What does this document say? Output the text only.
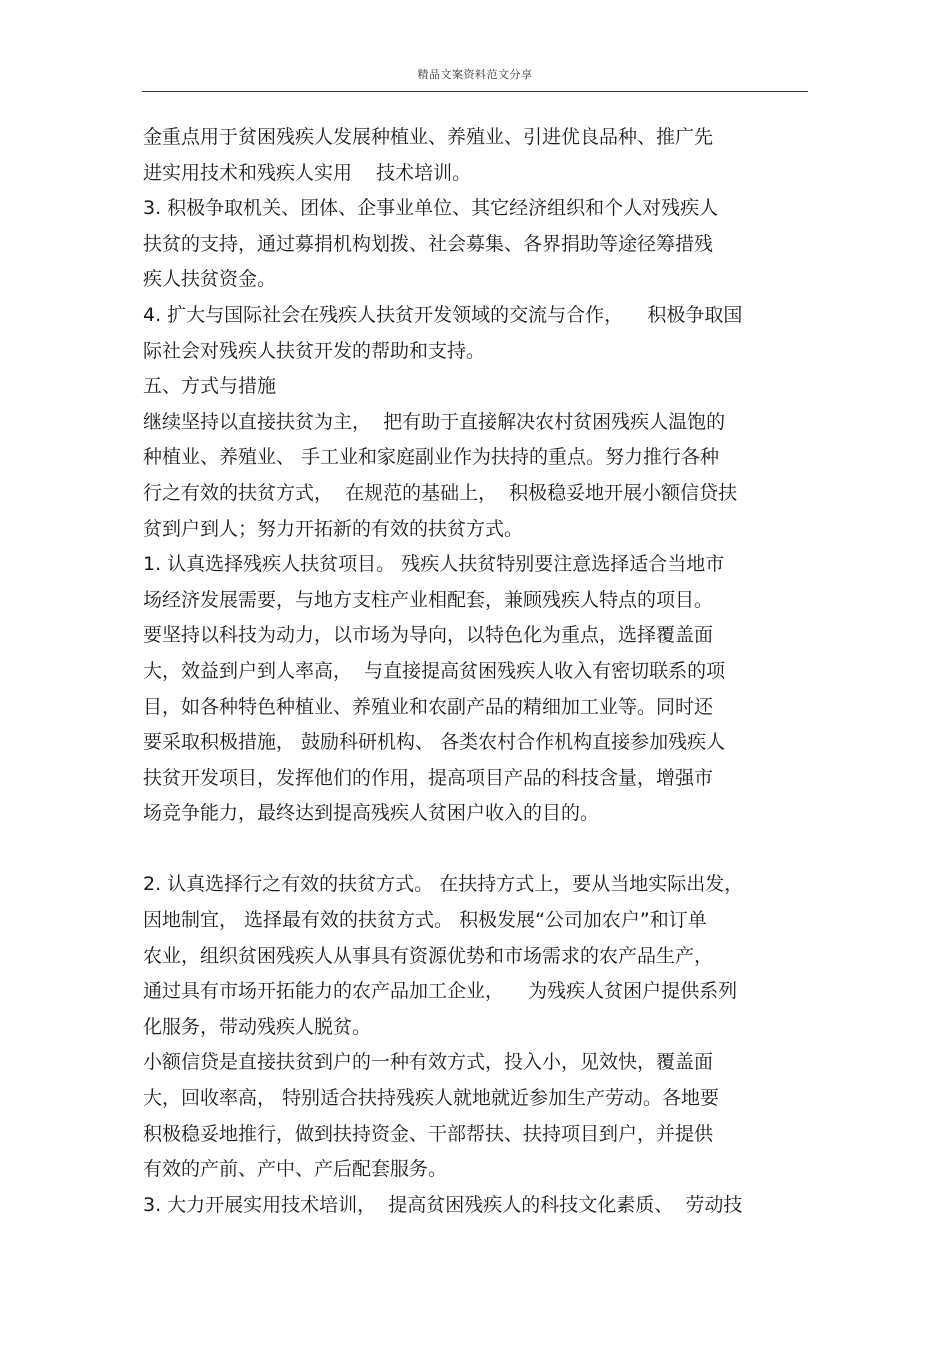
精品文案资料范文分享
金重点用于贫困残疾人发展种植业、养殖业、引进优良品种、推广先
进实用技术和残疾人实用    技术培训。
3. 积极争取机关、团体、企事业单位、其它经济组织和个人对残疾人
扶贫的支持，通过募捐机构划拨、社会募集、各界捐助等途径筹措残
疾人扶贫资金。
4. 扩大与国际社会在残疾人扶贫开发领域的交流与合作，    积极争取国
际社会对残疾人扶贫开发的帮助和支持。
五、方式与措施
继续坚持以直接扶贫为主，  把有助于直接解决农村贫困残疾人温饱的
种植业、养殖业、 手工业和家庭副业作为扶持的重点。努力推行各种
行之有效的扶贫方式，  在规范的基础上，  积极稳妥地开展小额信贷扶
贫到户到人；努力开拓新的有效的扶贫方式。
1. 认真选择残疾人扶贫项目。 残疾人扶贫特别要注意选择适合当地市
场经济发展需要，与地方支柱产业相配套，兼顾残疾人特点的项目。
要坚持以科技为动力，以市场为导向，以特色化为重点，选择覆盖面
大，效益到户到人率高，  与直接提高贫困残疾人收入有密切联系的项
目，如各种特色种植业、养殖业和农副产品的精细加工业等。同时还
要采取积极措施， 鼓励科研机构、 各类农村合作机构直接参加残疾人
扶贫开发项目，发挥他们的作用，提高项目产品的科技含量，增强市
场竞争能力，最终达到提高残疾人贫困户收入的目的。
2. 认真选择行之有效的扶贫方式。 在扶持方式上，要从当地实际出发，
因地制宜， 选择最有效的扶贫方式。 积极发展“公司加农户”和订单
农业，组织贫困残疾人从事具有资源优势和市场需求的农产品生产，
通过具有市场开拓能力的农产品加工企业，    为残疾人贫困户提供系列
化服务，带动残疾人脱贫。
小额信贷是直接扶贫到户的一种有效方式，投入小，见效快，覆盖面
大，回收率高， 特别适合扶持残疾人就地就近参加生产劳动。各地要
积极稳妥地推行，做到扶持资金、干部帮扶、扶持项目到户，并提供
有效的产前、产中、产后配套服务。
3. 大力开展实用技术培训，  提高贫困残疾人的科技文化素质、  劳动技
